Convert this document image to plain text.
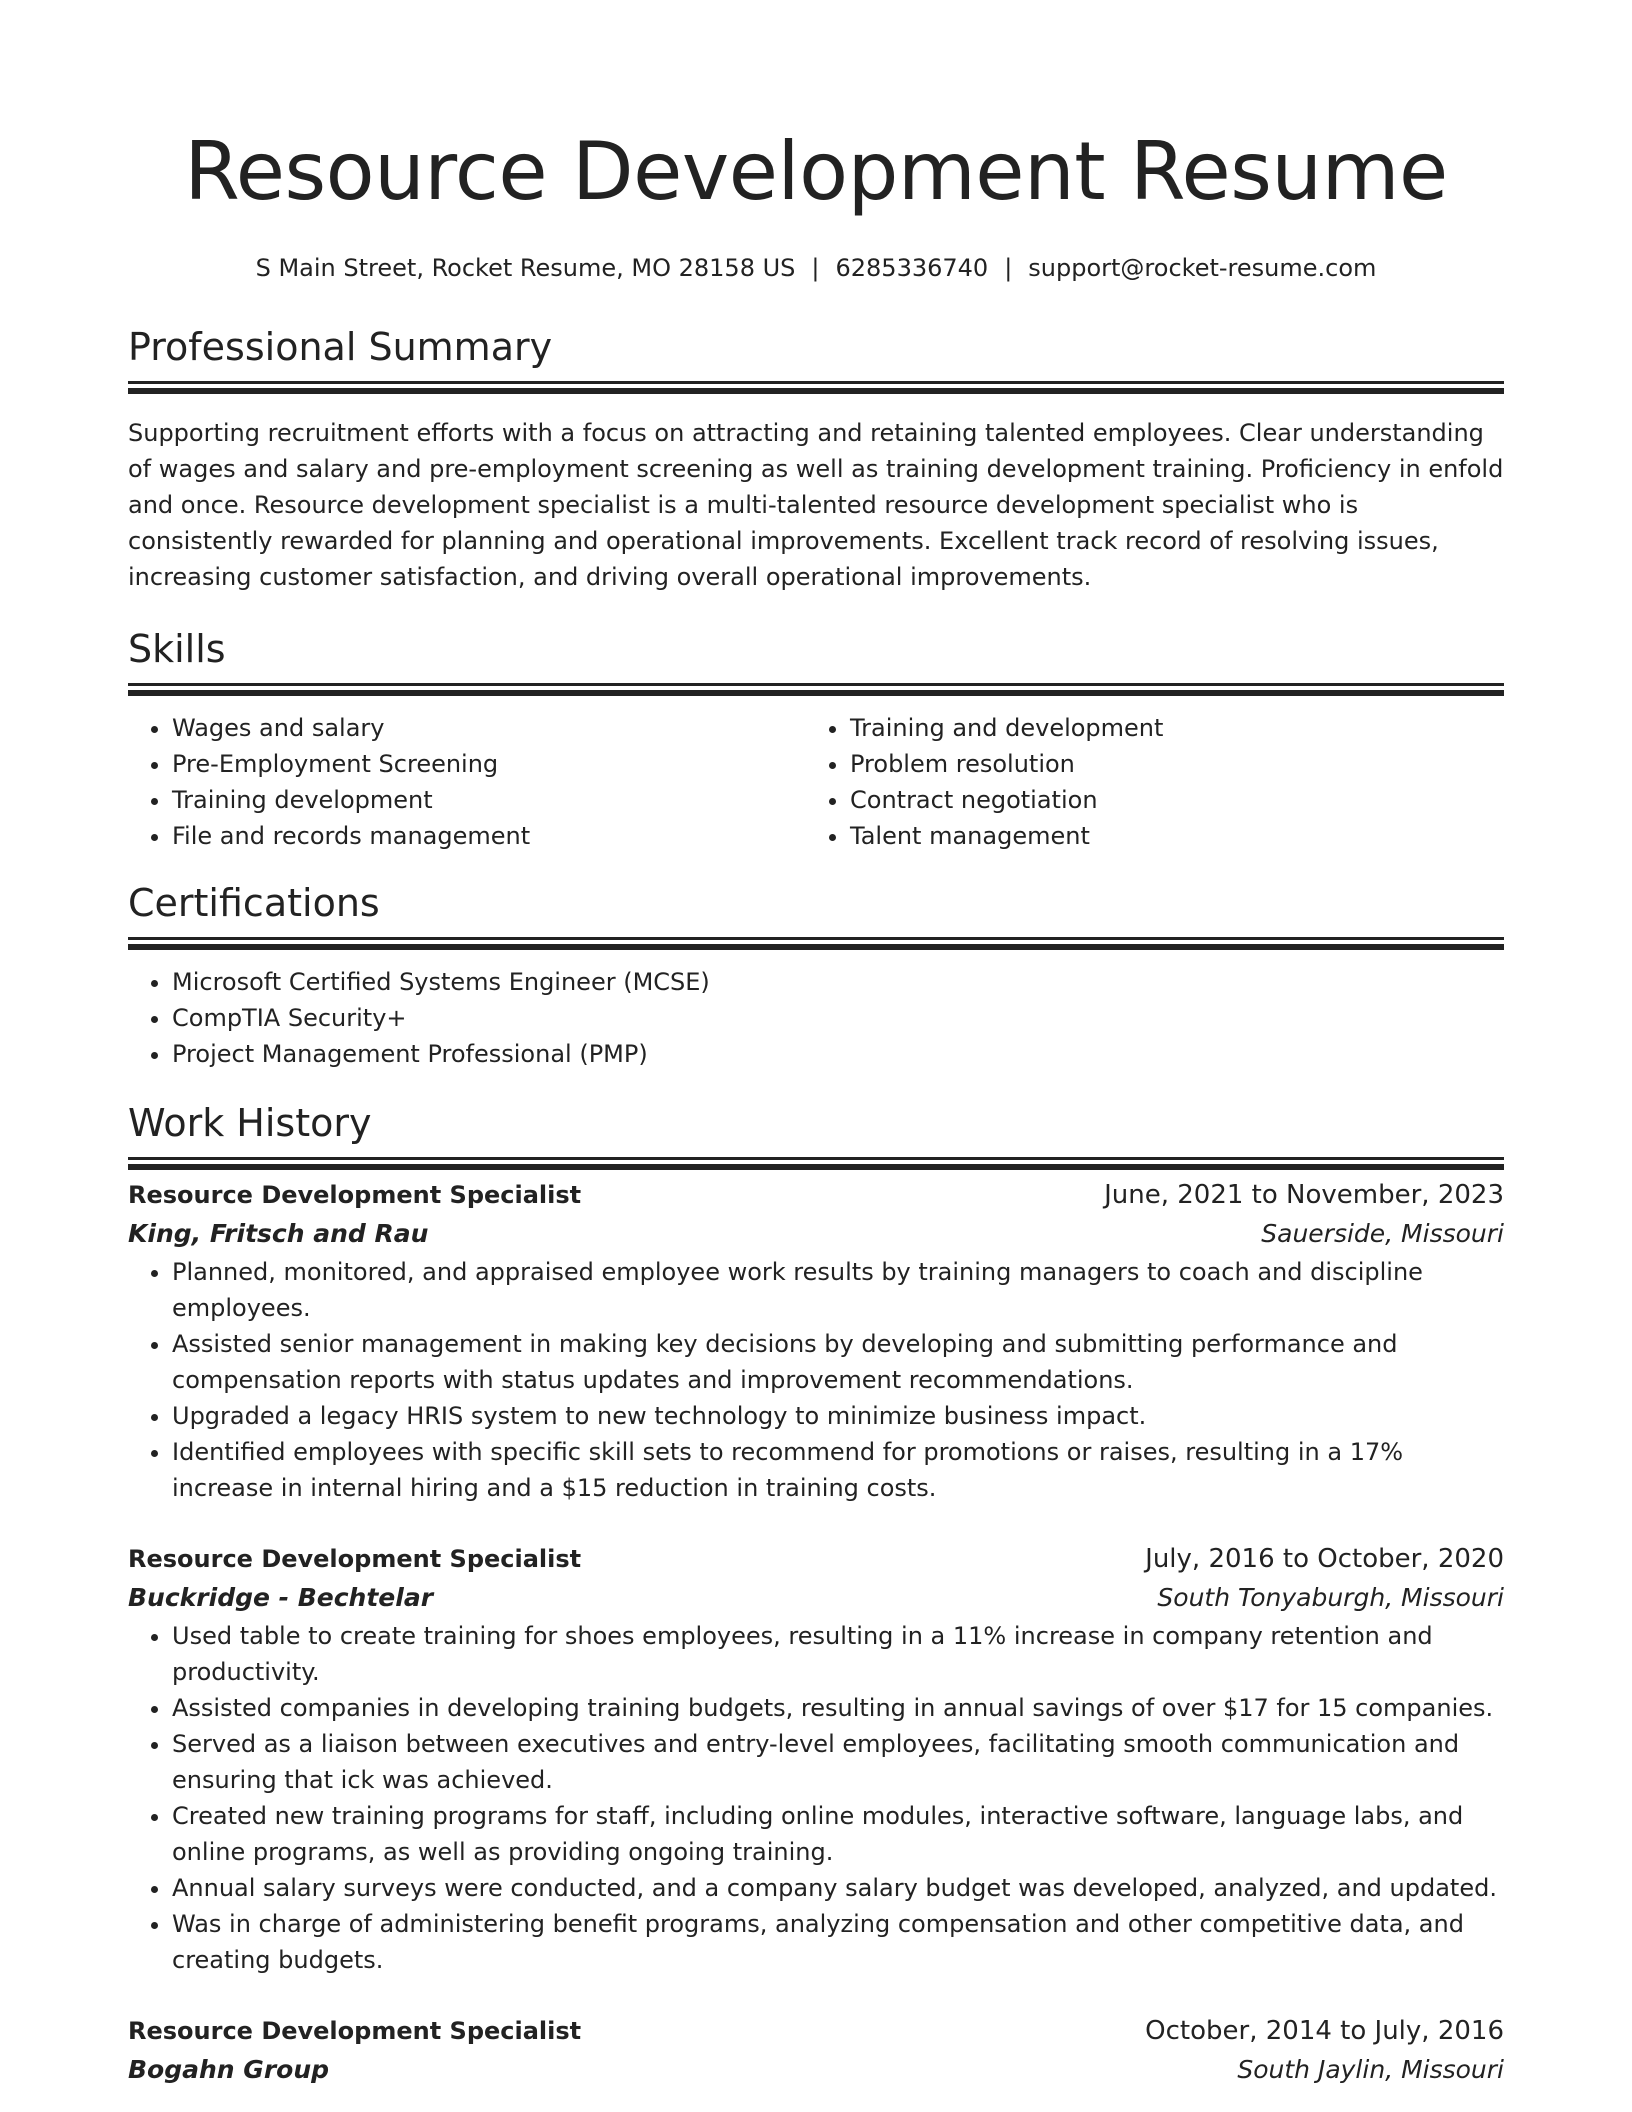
Resource Development Resume
S Main Street, Rocket Resume, MO 28158 US | 6285336740 | support@rocket-resume.com
Professional Summary

Supporting recruitment efforts with a focus on attracting and retaining talented employees. Clear understanding of wages and salary and pre-employment screening as well as training development training. Proficiency in enfold and once. Resource development specialist is a multi-talented resource development specialist who is consistently rewarded for planning and operational improvements. Excellent track record of resolving issues, increasing customer satisfaction, and driving overall operational improvements.

Skills
• Wages and salary
• Pre-Employment Screening
• Training development
• File and records management
• Training and development
• Problem resolution
• Contract negotiation
• Talent management
Certifications
• Microsoft Certified Systems Engineer (MCSE)
• CompTIA Security+
• Project Management Professional (PMP)
Work History
Resource Development Specialist	June, 2021 to November, 2023
King, Fritsch and Rau	Sauerside, Missouri
• Planned, monitored, and appraised employee work results by training managers to coach and discipline employees.
• Assisted senior management in making key decisions by developing and submitting performance and compensation reports with status updates and improvement recommendations.
• Upgraded a legacy HRIS system to new technology to minimize business impact.
• Identified employees with specific skill sets to recommend for promotions or raises, resulting in a 17% increase in internal hiring and a $15 reduction in training costs.
Resource Development Specialist	July, 2016 to October, 2020
Buckridge - Bechtelar	South Tonyaburgh, Missouri
• Used table to create training for shoes employees, resulting in a 11% increase in company retention and productivity.
• Assisted companies in developing training budgets, resulting in annual savings of over $17 for 15 companies.
• Served as a liaison between executives and entry-level employees, facilitating smooth communication and ensuring that ick was achieved.
• Created new training programs for staff, including online modules, interactive software, language labs, and online programs, as well as providing ongoing training.
• Annual salary surveys were conducted, and a company salary budget was developed, analyzed, and updated.
• Was in charge of administering benefit programs, analyzing compensation and other competitive data, and creating budgets.
Resource Development Specialist	October, 2014 to July, 2016
Bogahn Group	South Jaylin, Missouri
